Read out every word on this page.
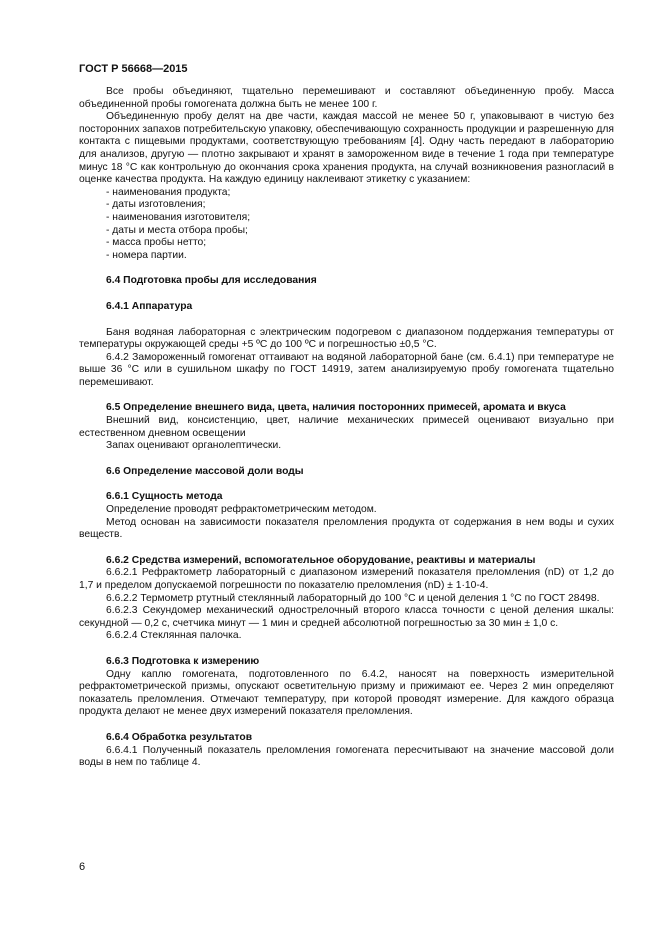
ГОСТ Р 56668—2015

Все пробы объединяют, тщательно перемешивают и составляют объединенную пробу. Масса объединенной пробы гомогената должна быть не менее 100 г.

Объединенную пробу делят на две части, каждая массой не менее 50 г, упаковывают в чистую без посторонних запахов потребительскую упаковку, обеспечивающую сохранность продукции и разрешенную для контакта с пищевыми продуктами, соответствующую требованиям [4]. Одну часть передают в лабораторию для анализов, другую — плотно закрывают и хранят в замороженном виде в течение 1 года при температуре минус 18 °С как контрольную до окончания срока хранения продукта, на случай возникновения разногласий в оценке качества продукта. На каждую единицу наклеивают этикетку с указанием:

- наименования продукта;

- даты изготовления;

- наименования изготовителя;

- даты и места отбора пробы;

- масса пробы нетто;

- номера партии.

6.4 Подготовка пробы для исследования

6.4.1 Аппаратура

Баня водяная лабораторная с электрическим подогревом с диапазоном поддержания температуры от температуры окружающей среды +5 ºС до 100 ºС и погрешностью ±0,5 °С.

6.4.2 Замороженный гомогенат оттаивают на водяной лабораторной бане (см. 6.4.1) при температуре не выше 36 °С или в сушильном шкафу по ГОСТ 14919, затем анализируемую пробу гомогената тщательно перемешивают.

6.5 Определение внешнего вида, цвета, наличия посторонних примесей, аромата и вкуса

Внешний вид, консистенцию, цвет, наличие механических примесей оценивают визуально при естественном дневном освещении

Запах оценивают органолептически.

6.6 Определение массовой доли воды

6.6.1 Сущность метода

Определение проводят рефрактометрическим методом.

Метод основан на зависимости показателя преломления продукта от содержания в нем воды и сухих веществ.

6.6.2 Средства измерений, вспомогательное оборудование, реактивы и материалы

6.6.2.1 Рефрактометр лабораторный с диапазоном измерений показателя преломления (nD) от 1,2 до 1,7 и пределом допускаемой погрешности по показателю преломления (nD) ± 1·10-4.

6.6.2.2 Термометр ртутный стеклянный лабораторный до 100 °С и ценой деления 1 °С по ГОСТ 28498.

6.6.2.3 Секундомер механический однострелочный второго класса точности с ценой деления шкалы: секундной — 0,2 с, счетчика минут — 1 мин и средней абсолютной погрешностью за 30 мин ± 1,0 с.

6.6.2.4 Стеклянная палочка.

6.6.3 Подготовка к измерению

Одну каплю гомогената, подготовленного по 6.4.2, наносят на поверхность измерительной рефрактометрической призмы, опускают осветительную призму и прижимают ее. Через 2 мин определяют показатель преломления. Отмечают температуру, при которой проводят измерение. Для каждого образца продукта делают не менее двух измерений показателя преломления.

6.6.4 Обработка результатов

6.6.4.1 Полученный показатель преломления гомогената пересчитывают на значение массовой доли воды в нем по таблице 4.

6
